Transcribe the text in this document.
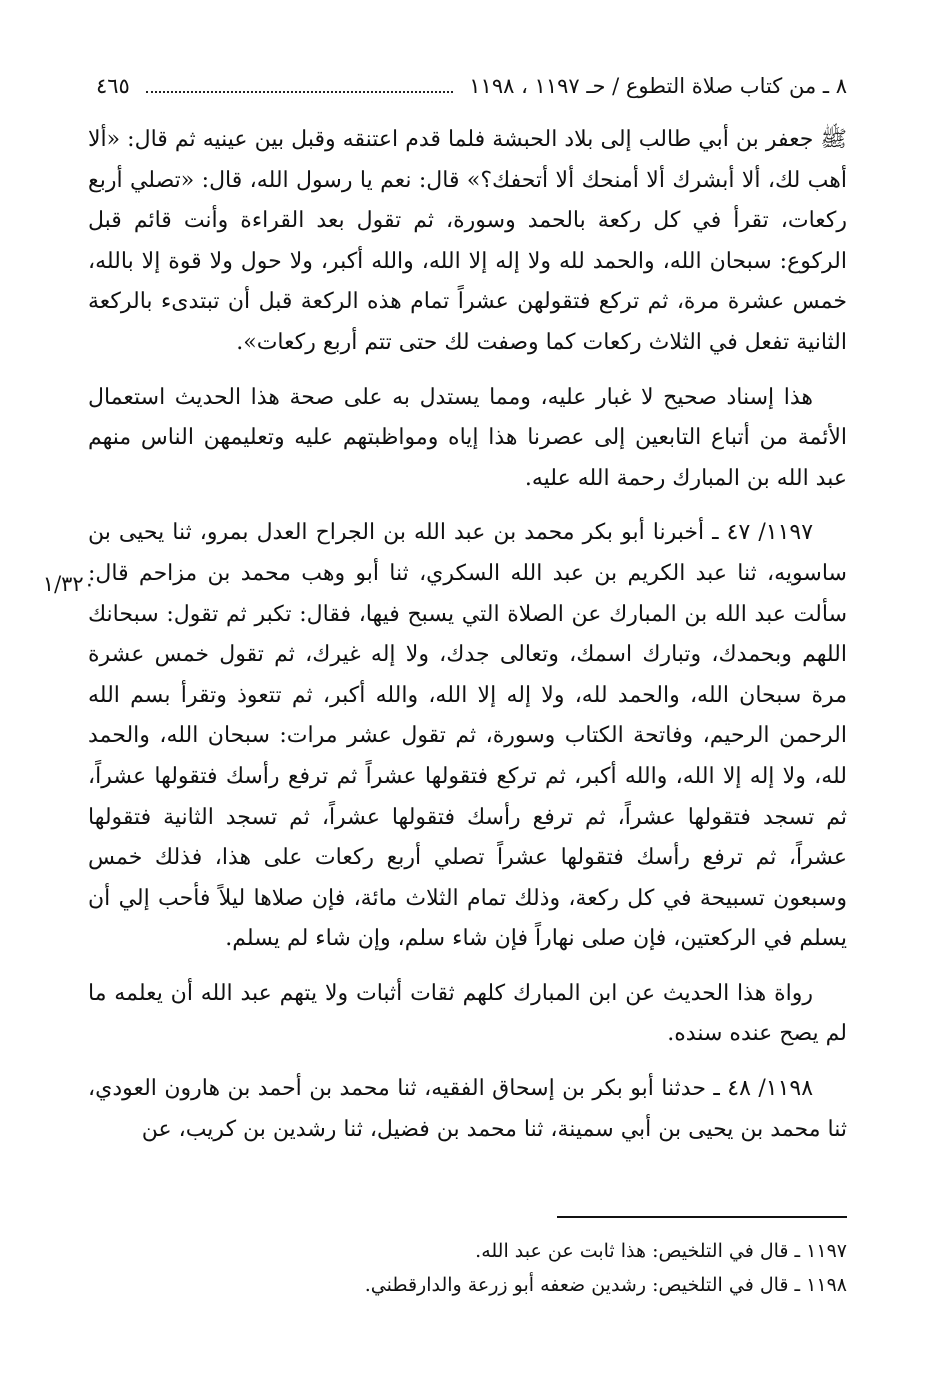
٨ ـ من كتاب صلاة التطوع / حـ ١١٩٧ ، ١١٩٨
٤٦٥

ﷺ جعفر بن أبي طالب إلى بلاد الحبشة فلما قدم اعتنقه وقبل بين عينيه ثم قال: «ألا أهب لك، ألا أبشرك ألا أمنحك ألا أتحفك؟» قال: نعم يا رسول الله، قال: «تصلي أربع ركعات، تقرأ في كل ركعة بالحمد وسورة، ثم تقول بعد القراءة وأنت قائم قبل الركوع: سبحان الله، والحمد لله ولا إله إلا الله، والله أكبر، ولا حول ولا قوة إلا بالله، خمس عشرة مرة، ثم تركع فتقولهن عشراً تمام هذه الركعة قبل أن تبتدىء بالركعة الثانية تفعل في الثلاث ركعات كما وصفت لك حتى تتم أربع ركعات».

هذا إسناد صحيح لا غبار عليه، ومما يستدل به على صحة هذا الحديث استعمال الأئمة من أتباع التابعين إلى عصرنا هذا إياه ومواظبتهم عليه وتعليمهن الناس منهم عبد الله بن المبارك رحمة الله عليه.

١١٩٧/ ٤٧ ـ أخبرنا أبو بكر محمد بن عبد الله بن الجراح العدل بمرو، ثنا يحيى بن ساسويه، ثنا عبد الكريم بن عبد الله السكري، ثنا أبو وهب محمد بن مزاحم قال: سألت عبد الله بن المبارك عن الصلاة التي يسبح فيها، فقال: تكبر ثم تقول: سبحانك اللهم وبحمدك، وتبارك اسمك، وتعالى جدك، ولا إله غيرك، ثم تقول خمس عشرة مرة سبحان الله، والحمد لله، ولا إله إلا الله، والله أكبر، ثم تتعوذ وتقرأ بسم الله الرحمن الرحيم، وفاتحة الكتاب وسورة، ثم تقول عشر مرات: سبحان الله، والحمد لله، ولا إله إلا الله، والله أكبر، ثم تركع فتقولها عشراً ثم ترفع رأسك فتقولها عشراً، ثم تسجد فتقولها عشراً، ثم ترفع رأسك فتقولها عشراً، ثم تسجد الثانية فتقولها عشراً، ثم ترفع رأسك فتقولها عشراً تصلي أربع ركعات على هذا، فذلك خمس وسبعون تسبيحة في كل ركعة، وذلك تمام الثلاث مائة، فإن صلاها ليلاً فأحب إلي أن يسلم في الركعتين، فإن صلى نهاراً فإن شاء سلم، وإن شاء لم يسلم.

رواة هذا الحديث عن ابن المبارك كلهم ثقات أثبات ولا يتهم عبد الله أن يعلمه ما لم يصح عنده سنده.

١١٩٨/ ٤٨ ـ حدثنا أبو بكر بن إسحاق الفقيه، ثنا محمد بن أحمد بن هارون العودي، ثنا محمد بن يحيى بن أبي سمينة، ثنا محمد بن فضيل، ثنا رشدين بن كريب، عن

١/٣٢٠
١١٩٧ ـ قال في التلخيص: هذا ثابت عن عبد الله.
١١٩٨ ـ قال في التلخيص: رشدين ضعفه أبو زرعة والدارقطني.
